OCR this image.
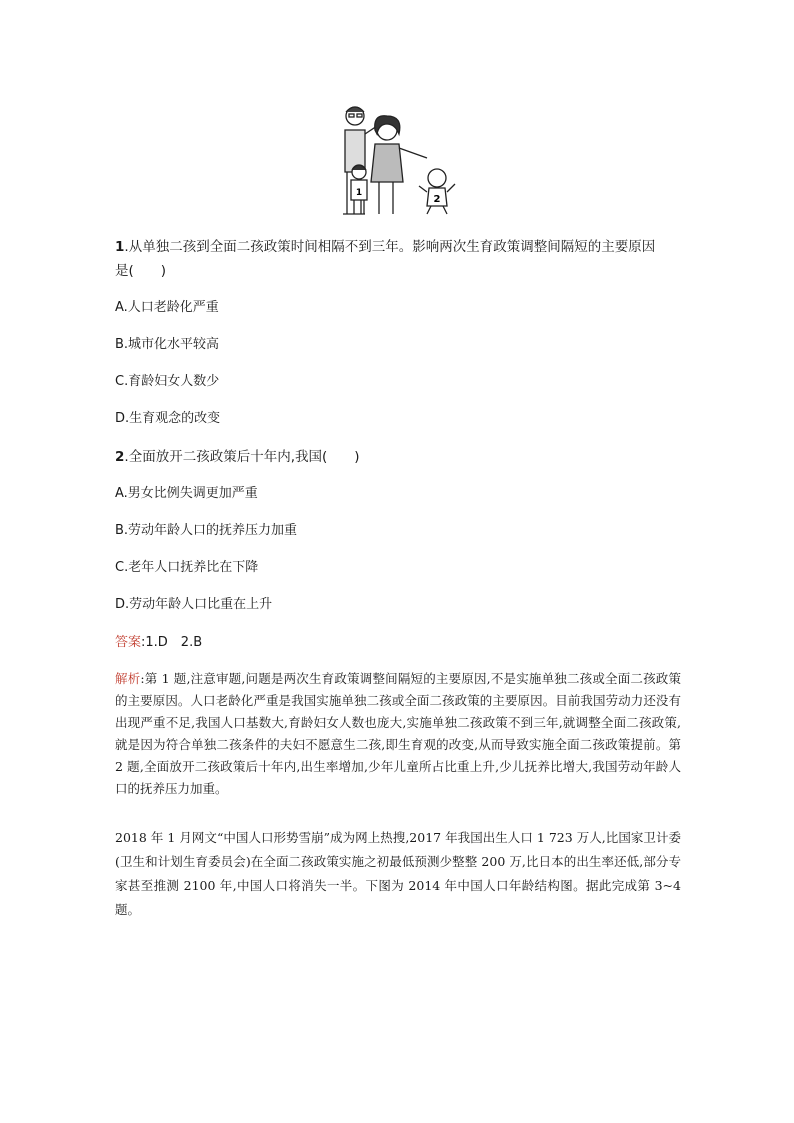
1
2
1.从单独二孩到全面二孩政策时间相隔不到三年。影响两次生育政策调整间隔短的主要原因
是(　　)
A.人口老龄化严重
B.城市化水平较高
C.育龄妇女人数少
D.生育观念的改变
2.全面放开二孩政策后十年内,我国(　　)
A.男女比例失调更加严重
B.劳动年龄人口的抚养压力加重
C.老年人口抚养比在下降
D.劳动年龄人口比重在上升
答案:1.D　2.B
解析:第 1 题,注意审题,问题是两次生育政策调整间隔短的主要原因,不是实施单独二孩或全面二孩政策的主要原因。人口老龄化严重是我国实施单独二孩或全面二孩政策的主要原因。目前我国劳动力还没有出现严重不足,我国人口基数大,育龄妇女人数也庞大,实施单独二孩政策不到三年,就调整全面二孩政策,就是因为符合单独二孩条件的夫妇不愿意生二孩,即生育观的改变,从而导致实施全面二孩政策提前。第 2 题,全面放开二孩政策后十年内,出生率增加,少年儿童所占比重上升,少儿抚养比增大,我国劳动年龄人口的抚养压力加重。
2018 年 1 月网文“中国人口形势雪崩”成为网上热搜,2017 年我国出生人口 1 723 万人,比国家卫计委(卫生和计划生育委员会)在全面二孩政策实施之初最低预测少整整 200 万,比日本的出生率还低,部分专家甚至推测 2100 年,中国人口将消失一半。下图为 2014 年中国人口年龄结构图。据此完成第 3~4 题。
